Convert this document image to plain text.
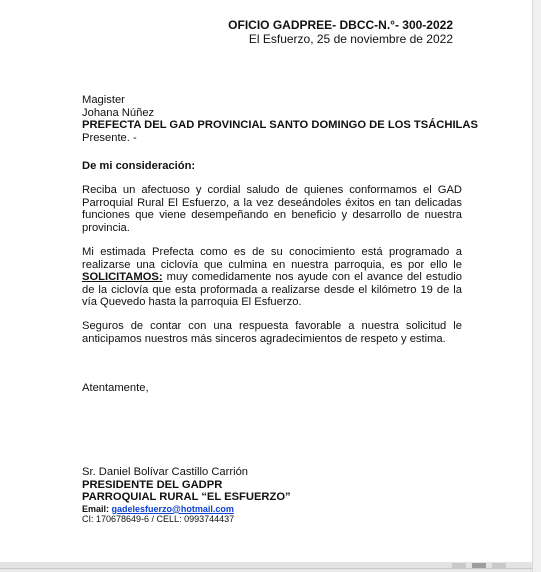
OFICIO GADPREE- DBCC-N.°- 300-2022
El Esfuerzo, 25 de noviembre de 2022
Magister
Johana Núñez
PREFECTA DEL GAD PROVINCIAL SANTO DOMINGO DE LOS TSÁCHILAS
Presente. -
De mi consideración:
Reciba un afectuoso y cordial saludo de quienes conformamos el GAD Parroquial Rural El Esfuerzo, a la vez deseándoles éxitos en tan delicadas funciones que viene desempeñando en beneficio y desarrollo de nuestra provincia.
Mi estimada Prefecta como es de su conocimiento está programado a realizarse una ciclovía que culmina en nuestra parroquia, es por ello le SOLICITAMOS: muy comedidamente nos ayude con el avance del estudio de la ciclovía que esta proformada a realizarse desde el kilómetro 19 de la vía Quevedo hasta la parroquia El Esfuerzo.
Seguros de contar con una respuesta favorable a nuestra solicitud le anticipamos nuestros más sinceros agradecimientos de respeto y estima.
Atentamente,
Sr. Daniel Bolívar Castillo Carrión
PRESIDENTE DEL GADPR
PARROQUIAL RURAL “EL ESFUERZO”
Email: gadelesfuerzo@hotmail.com
CI: 170678649-6 / CELL: 0993744437
